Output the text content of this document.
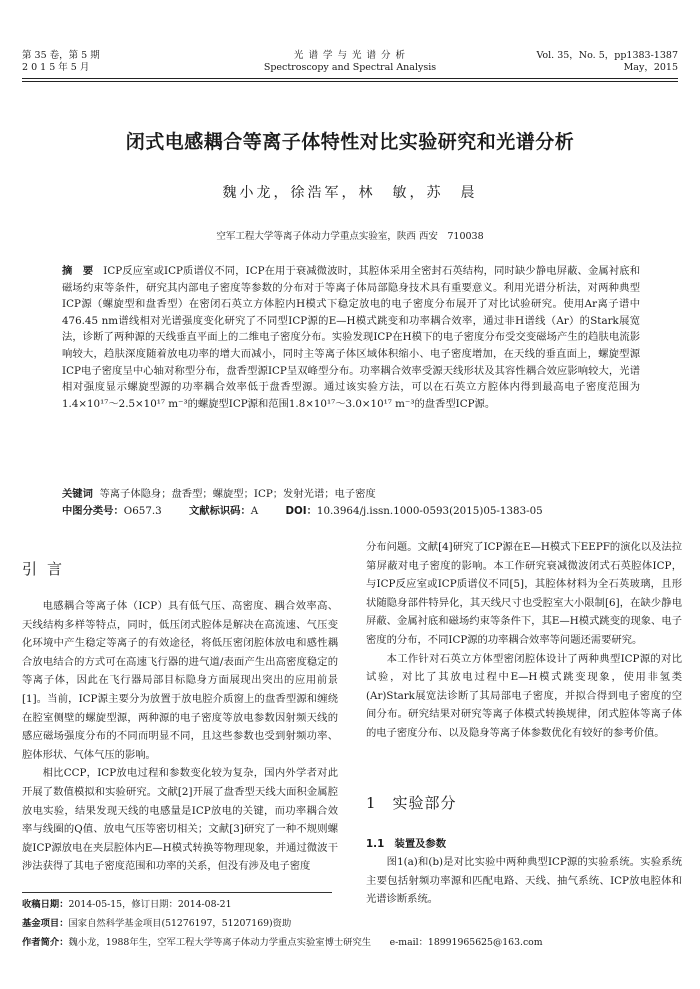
第 35 卷，第 5 期
2 0 1 5 年 5 月
光 谱 学 与 光 谱 分 析
Spectroscopy and Spectral Analysis
Vol. 35，No. 5，pp1383-1387
May，2015
闭式电感耦合等离子体特性对比实验研究和光谱分析
魏小龙，徐浩军，林　敏，苏　晨
空军工程大学等离子体动力学重点实验室，陕西 西安　710038
摘　要 ICP反应室或ICP质谱仪不同，ICP在用于衰减微波时，其腔体采用全密封石英结构，同时缺少静电屏蔽、金属衬底和磁场约束等条件，研究其内部电子密度等参数的分布对于等离子体局部隐身技术具有重要意义。利用光谱分析法，对两种典型ICP源（螺旋型和盘香型）在密闭石英立方体腔内H模式下稳定放电的电子密度分布展开了对比试验研究。使用Ar离子谱中476.45 nm谱线相对光谱强度变化研究了不同型ICP源的E—H模式跳变和功率耦合效率，通过非H谱线（Ar）的Stark展宽法，诊断了两种源的天线垂直平面上的二维电子密度分布。实验发现ICP在H模下的电子密度分布受交变磁场产生的趋肤电流影响较大，趋肤深度随着放电功率的增大而减小，同时主等离子体区域体积缩小、电子密度增加，在天线的垂直面上，螺旋型源ICP电子密度呈中心轴对称型分布，盘香型源ICP呈双峰型分布。功率耦合效率受源天线形状及其容性耦合效应影响较大，光谱相对强度显示螺旋型源的功率耦合效率低于盘香型源。通过该实验方法，可以在石英立方腔体内得到最高电子密度范围为1.4×10¹⁷～2.5×10¹⁷ m⁻³的螺旋型ICP源和范围1.8×10¹⁷～3.0×10¹⁷ m⁻³的盘香型ICP源。
关键词 等离子体隐身；盘香型；螺旋型；ICP；发射光谱；电子密度
中图分类号：O657.3	文献标识码：A	DOI：10.3964/j.issn.1000-0593(2015)05-1383-05
引言

电感耦合等离子体（ICP）具有低气压、高密度、耦合效率高、天线结构多样等特点，同时，低压闭式腔体是解决在高流速、气压变化环境中产生稳定等离子的有效途径，将低压密闭腔体放电和感性耦合放电结合的方式可在高速飞行器的进气道/表面产生出高密度稳定的等离子体，因此在飞行器局部目标隐身方面展现出突出的应用前景[1]。当前，ICP源主要分为放置于放电腔介质窗上的盘香型源和缠绕在腔室侧壁的螺旋型源，两种源的电子密度等放电参数因射频天线的感应磁场强度分布的不同而明显不同，且这些参数也受到射频功率、腔体形状、气体气压的影响。

相比CCP，ICP放电过程和参数变化较为复杂，国内外学者对此开展了数值模拟和实验研究。文献[2]开展了盘香型天线大面积金属腔放电实验，结果发现天线的电感量是ICP放电的关键，而功率耦合效率与线圈的Q值、放电气压等密切相关；文献[3]研究了一种不规则螺旋ICP源放电在夹层腔体内E—H模式转换等物理现象，并通过微波干涉法获得了其电子密度范围和功率的关系，但没有涉及电子密度

分布问题。文献[4]研究了ICP源在E—H模式下EEPF的演化以及法拉第屏蔽对电子密度的影响。本工作研究衰减微波闭式石英腔体ICP，与ICP反应室或ICP质谱仪不同[5]，其腔体材料为全石英玻璃，且形状随隐身部件特异化，其天线尺寸也受腔室大小限制[6]，在缺少静电屏蔽、金属衬底和磁场约束等条件下，其E—H模式跳变的现象、电子密度的分布，不同ICP源的功率耦合效率等问题还需要研究。

本工作针对石英立方体型密闭腔体设计了两种典型ICP源的对比试验，对比了其放电过程中E—H模式跳变现象，使用非氢类(Ar)Stark展宽法诊断了其局部电子密度，并拟合得到电子密度的空间分布。研究结果对研究等离子体模式转换规律，闭式腔体等离子体的电子密度分布、以及隐身等离子体参数优化有较好的参考价值。

1　实验部分
1.1　装置及参数

图1(a)和(b)是对比实验中两种典型ICP源的实验系统。实验系统主要包括射频功率源和匹配电路、天线、抽气系统、ICP放电腔体和光谱诊断系统。

收稿日期：2014-05-15，修订日期：2014-08-21
基金项目：国家自然科学基金项目(51276197，51207169)资助
作者简介：魏小龙，1988年生，空军工程大学等离子体动力学重点实验室博士研究生　　e-mail：18991965625@163.com
